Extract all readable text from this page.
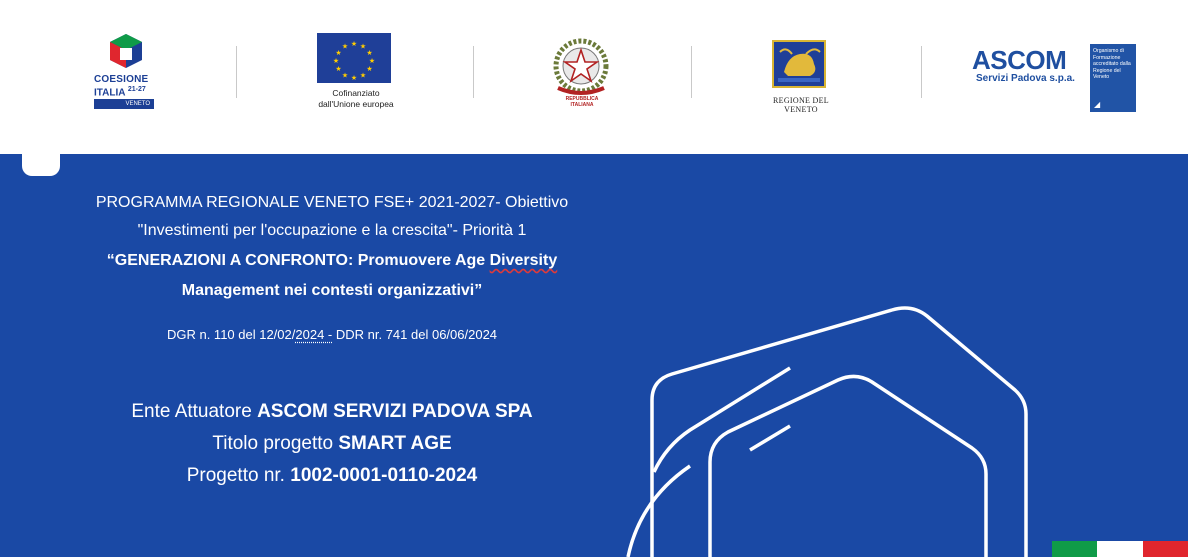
COESIONE
ITALIA $^{21-27}$
VENETO
★ ★
★
★
★
★
★
★
★
★
★
★
Cofinanziato
dall'Unione europea	REPUBBLICA ITALIANA	REGIONE DEL VENETO
ASCOM
Servizi Padova s.p.a.
Organismo di Formazione accreditato dalla Regione del Veneto
◢
PROGRAMMA REGIONALE VENETO FSE+ 2021-2027- Obiettivo
"Investimenti per l'occupazione e la crescita"- Priorità 1
“GENERAZIONI A CONFRONTO: Promuovere Age Diversity
Management nei contesti organizzativi”
DGR n. 110 del 12/02/2024 - DDR nr. 741 del 06/06/2024
Ente Attuatore ASCOM SERVIZI PADOVA SPA
Titolo progetto SMART AGE
Progetto nr. 1002-0001-0110-2024
